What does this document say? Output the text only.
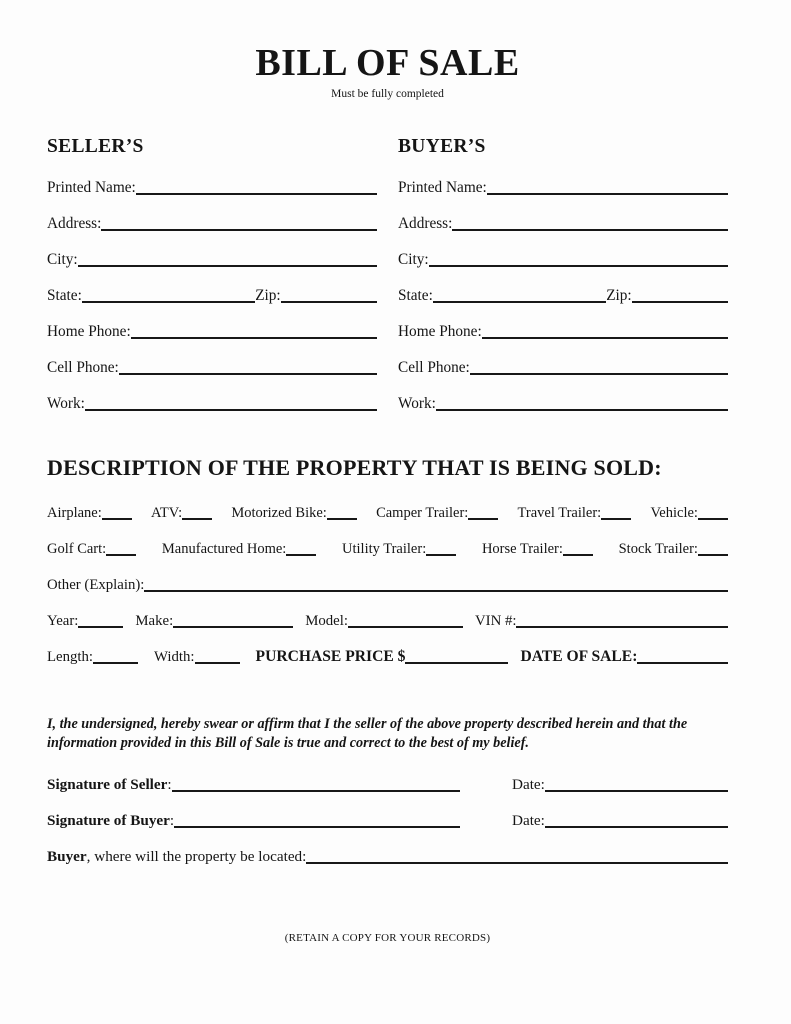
BILL OF SALE
Must be fully completed
SELLER’S
Printed Name:
Address:
City:
State:	Zip:
Home Phone:
Cell Phone:
Work:
BUYER’S
Printed Name:
Address:
City:
State:	Zip:
Home Phone:
Cell Phone:
Work:
DESCRIPTION OF THE PROPERTY THAT IS BEING SOLD:
Airplane:	ATV:	Motorized Bike:	Camper Trailer:	Travel Trailer:	Vehicle:
Golf Cart:	Manufactured Home:	Utility Trailer:	Horse Trailer:	Stock Trailer:
Other (Explain):
Year:	Make:	Model:	VIN #:
Length:	Width:	PURCHASE PRICE $	DATE OF SALE:
I, the undersigned, hereby swear or affirm that I the seller of the above property described herein and that the information provided in this Bill of Sale is true and correct to the best of my belief.
Signature of Seller :	Date:
Signature of Buyer :	Date:
Buyer , where will the property be located:
(RETAIN A COPY FOR YOUR RECORDS)
